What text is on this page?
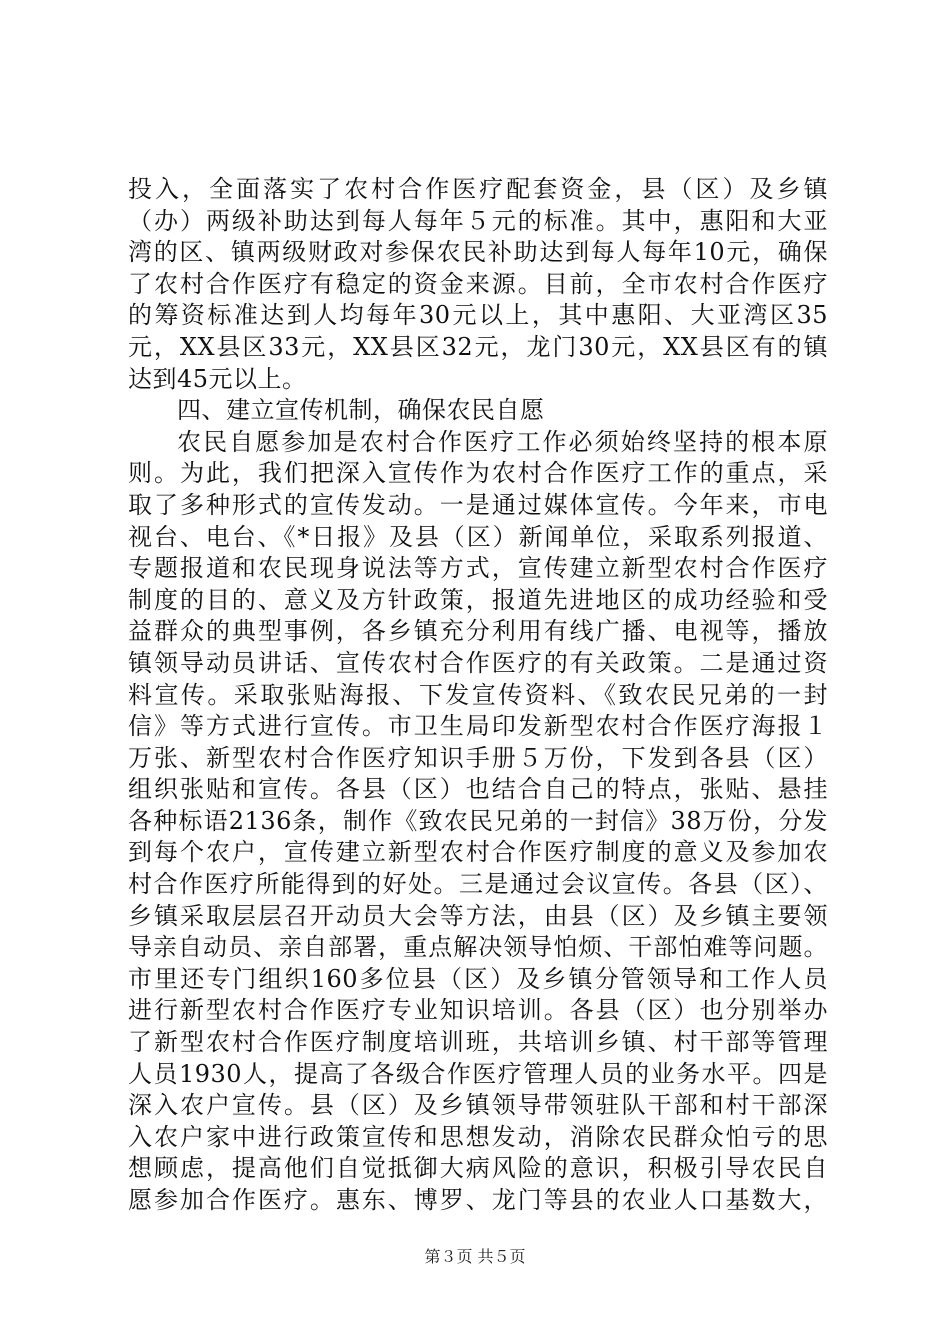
投入，全面落实了农村合作医疗配套资金，县（区）及乡镇
（办）两级补助达到每人每年５元的标准。其中，惠阳和大亚
湾的区、镇两级财政对参保农民补助达到每人每年10元，确保
了农村合作医疗有稳定的资金来源。目前，全市农村合作医疗
的筹资标准达到人均每年30元以上，其中惠阳、大亚湾区35
元，XX县区33元，XX县区32元，龙门30元，XX县区有的镇
达到45元以上。
四、建立宣传机制，确保农民自愿
农民自愿参加是农村合作医疗工作必须始终坚持的根本原
则。为此，我们把深入宣传作为农村合作医疗工作的重点，采
取了多种形式的宣传发动。一是通过媒体宣传。今年来，市电
视台、电台、《*日报》及县（区）新闻单位，采取系列报道、
专题报道和农民现身说法等方式，宣传建立新型农村合作医疗
制度的目的、意义及方针政策，报道先进地区的成功经验和受
益群众的典型事例，各乡镇充分利用有线广播、电视等，播放
镇领导动员讲话、宣传农村合作医疗的有关政策。二是通过资
料宣传。采取张贴海报、下发宣传资料、《致农民兄弟的一封
信》等方式进行宣传。市卫生局印发新型农村合作医疗海报１
万张、新型农村合作医疗知识手册５万份，下发到各县（区）
组织张贴和宣传。各县（区）也结合自己的特点，张贴、悬挂
各种标语2136条，制作《致农民兄弟的一封信》38万份，分发
到每个农户，宣传建立新型农村合作医疗制度的意义及参加农
村合作医疗所能得到的好处。三是通过会议宣传。各县（区）、
乡镇采取层层召开动员大会等方法，由县（区）及乡镇主要领
导亲自动员、亲自部署，重点解决领导怕烦、干部怕难等问题。
市里还专门组织160多位县（区）及乡镇分管领导和工作人员
进行新型农村合作医疗专业知识培训。各县（区）也分别举办
了新型农村合作医疗制度培训班，共培训乡镇、村干部等管理
人员1930人，提高了各级合作医疗管理人员的业务水平。四是
深入农户宣传。县（区）及乡镇领导带领驻队干部和村干部深
入农户家中进行政策宣传和思想发动，消除农民群众怕亏的思
想顾虑，提高他们自觉抵御大病风险的意识，积极引导农民自
愿参加合作医疗。惠东、博罗、龙门等县的农业人口基数大，
第３页 共５页
